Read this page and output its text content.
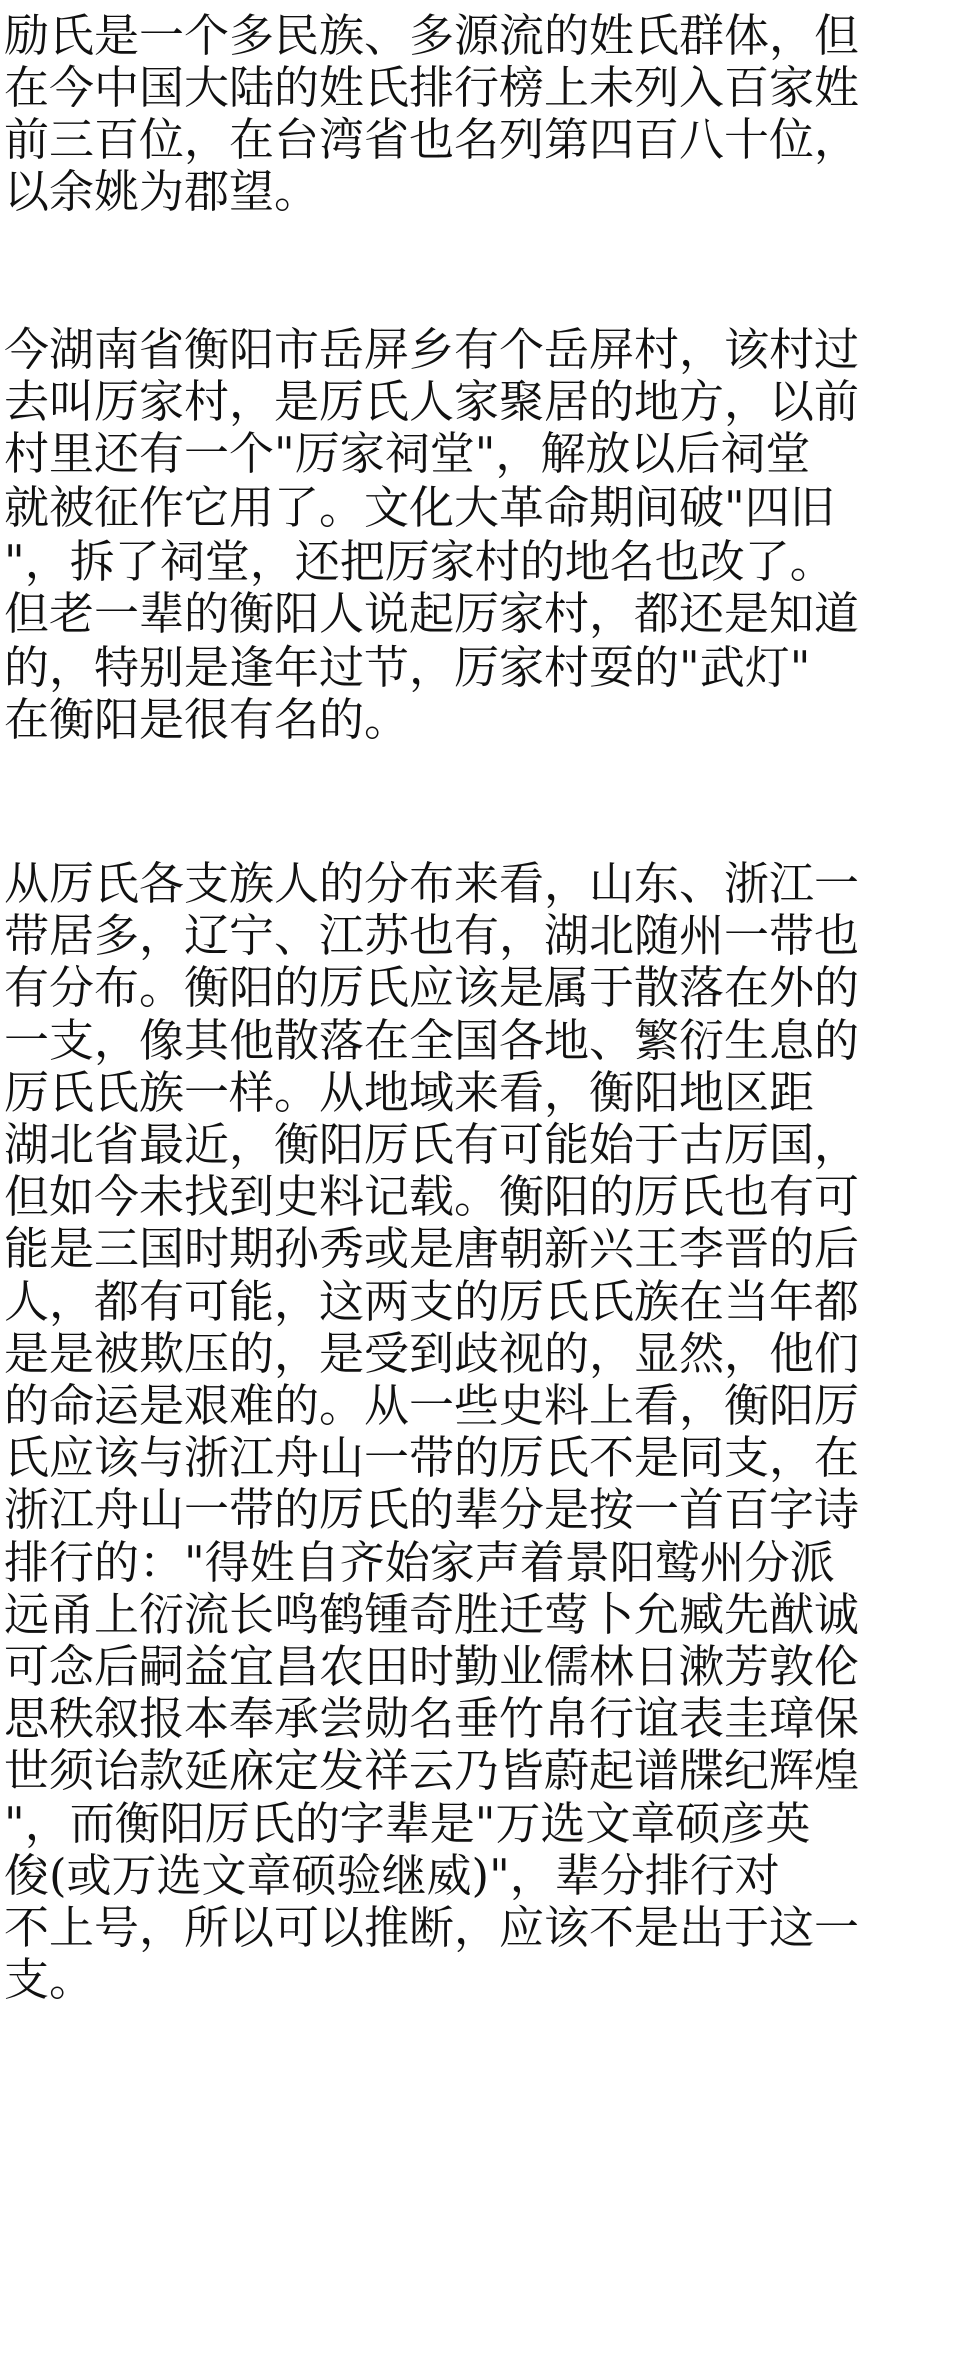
励氏是一个多民族、多源流的姓氏群体，但
在今中国大陆的姓氏排行榜上未列入百家姓
前三百位，在台湾省也名列第四百八十位，
以余姚为郡望。
今湖南省衡阳市岳屏乡有个岳屏村，该村过
去叫厉家村，是厉氏人家聚居的地方，以前
村里还有一个"厉家祠堂"，解放以后祠堂
就被征作它用了。文化大革命期间破"四旧
"，拆了祠堂，还把厉家村的地名也改了。
但老一辈的衡阳人说起厉家村，都还是知道
的，特别是逢年过节，厉家村耍的"武灯"
在衡阳是很有名的。
从厉氏各支族人的分布来看，山东、浙江一
带居多，辽宁、江苏也有，湖北随州一带也
有分布。衡阳的厉氏应该是属于散落在外的
一支，像其他散落在全国各地、繁衍生息的
厉氏氏族一样。从地域来看，衡阳地区距
湖北省最近，衡阳厉氏有可能始于古厉国，
但如今未找到史料记载。衡阳的厉氏也有可
能是三国时期孙秀或是唐朝新兴王李晋的后
人，都有可能，这两支的厉氏氏族在当年都
是是被欺压的，是受到歧视的，显然，他们
的命运是艰难的。从一些史料上看，衡阳厉
氏应该与浙江舟山一带的厉氏不是同支，在
浙江舟山一带的厉氏的辈分是按一首百字诗
排行的："得姓自齐始家声着景阳鹫州分派
远甬上衍流长鸣鹤锺奇胜迁莺卜允臧先猷诚
可念后嗣益宜昌农田时勤业儒林日漱芳敦伦
思秩叙报本奉承尝勋名垂竹帛行谊表圭璋保
世须诒款延庥定发祥云乃皆蔚起谱牒纪辉煌
"，而衡阳厉氏的字辈是"万选文章硕彦英
俊(或万选文章硕验继威)"，辈分排行对
不上号，所以可以推断，应该不是出于这一
支。
